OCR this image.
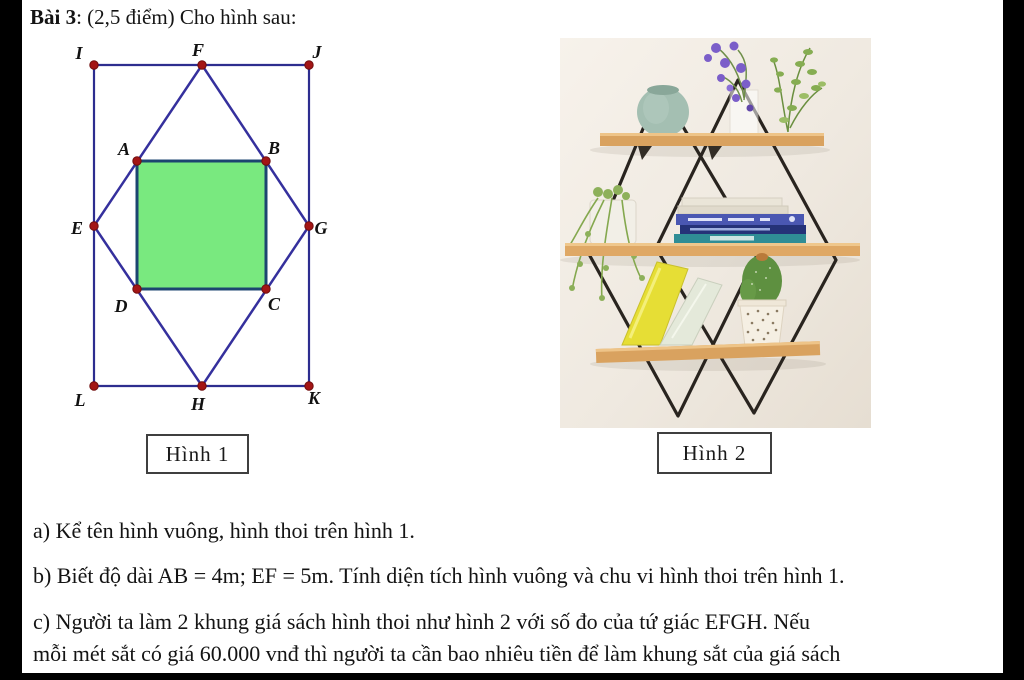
Bài 3: (2,5 điểm) Cho hình sau:
I	F	J
A	B
E	G
D	C
L	H	K
Hình 1	Hình 2
a) Kể tên hình vuông, hình thoi trên hình 1.
b) Biết độ dài AB = 4m; EF = 5m. Tính diện tích hình vuông và chu vi hình thoi trên hình 1.
c) Người ta làm 2 khung giá sách hình thoi như hình 2 với số đo của tứ giác EFGH. Nếu
mỗi mét sắt có giá 60.000 vnđ thì người ta cần bao nhiêu tiền để làm khung sắt của giá sách
